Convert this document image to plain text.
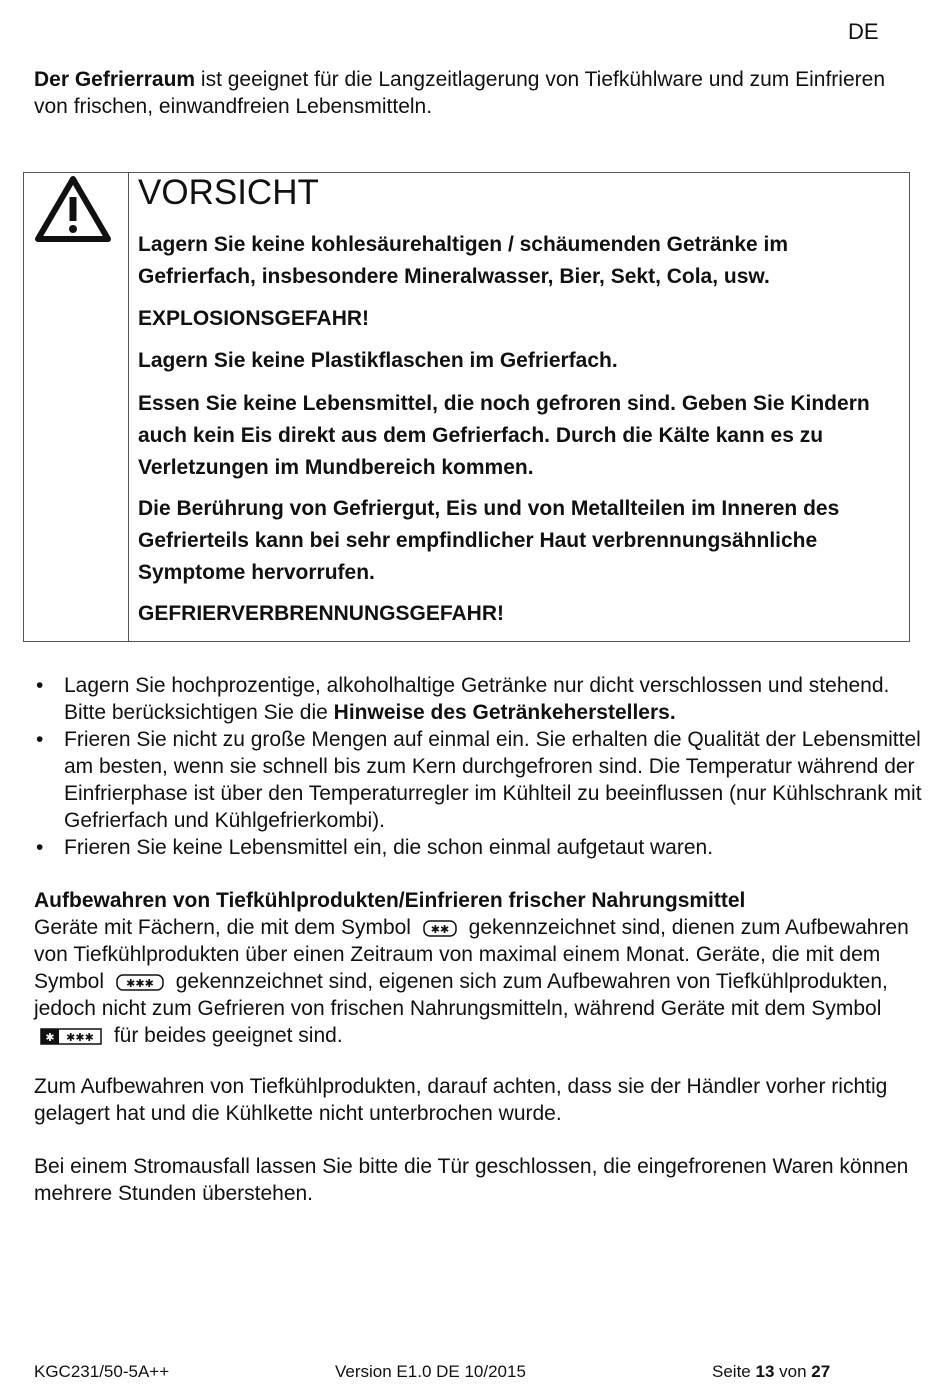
DE

Der Gefrierraum ist geeignet für die Langzeitlagerung von Tiefkühlware und zum Einfrieren von frischen, einwandfreien Lebensmitteln.

VORSICHT

Lagern Sie keine kohlesäurehaltigen / schäumenden Getränke im Gefrierfach, insbesondere Mineralwasser, Bier, Sekt, Cola, usw.

EXPLOSIONSGEFAHR!

Lagern Sie keine Plastikflaschen im Gefrierfach.

Essen Sie keine Lebensmittel, die noch gefroren sind. Geben Sie Kindern auch kein Eis direkt aus dem Gefrierfach. Durch die Kälte kann es zu Verletzungen im Mundbereich kommen.

Die Berührung von Gefriergut, Eis und von Metallteilen im Inneren des Gefrierteils kann bei sehr empfindlicher Haut verbrennungsähnliche Symptome hervorrufen.

GEFRIERVERBRENNUNGSGEFAHR!

• Lagern Sie hochprozentige, alkoholhaltige Getränke nur dicht verschlossen und stehend. Bitte berücksichtigen Sie die Hinweise des Getränkeherstellers.
• Frieren Sie nicht zu große Mengen auf einmal ein. Sie erhalten die Qualität der Lebensmittel am besten, wenn sie schnell bis zum Kern durchgefroren sind. Die Temperatur während der Einfrierphase ist über den Temperaturregler im Kühlteil zu beeinflussen (nur Kühlschrank mit Gefrierfach und Kühlgefrierkombi).
• Frieren Sie keine Lebensmittel ein, die schon einmal aufgetaut waren.
Aufbewahren von Tiefkühlprodukten/Einfrieren frischer Nahrungsmittel
Geräte mit Fächern, die mit dem Symbol ✱✱ gekennzeichnet sind, dienen zum Aufbewahren von Tiefkühlprodukten über einen Zeitraum von maximal einem Monat. Geräte, die mit dem Symbol ✱✱✱ gekennzeichnet sind, eigenen sich zum Aufbewahren von Tiefkühlprodukten, jedoch nicht zum Gefrieren von frischen Nahrungsmitteln, während Geräte mit dem Symbol
✱ ✱✱✱ für beides geeignet sind.

Zum Aufbewahren von Tiefkühlprodukten, darauf achten, dass sie der Händler vorher richtig gelagert hat und die Kühlkette nicht unterbrochen wurde.

Bei einem Stromausfall lassen Sie bitte die Tür geschlossen, die eingefrorenen Waren können mehrere Stunden überstehen.

KGC231/50-5A++	Version E1.0 DE 10/2015	Seite 13 von 27
